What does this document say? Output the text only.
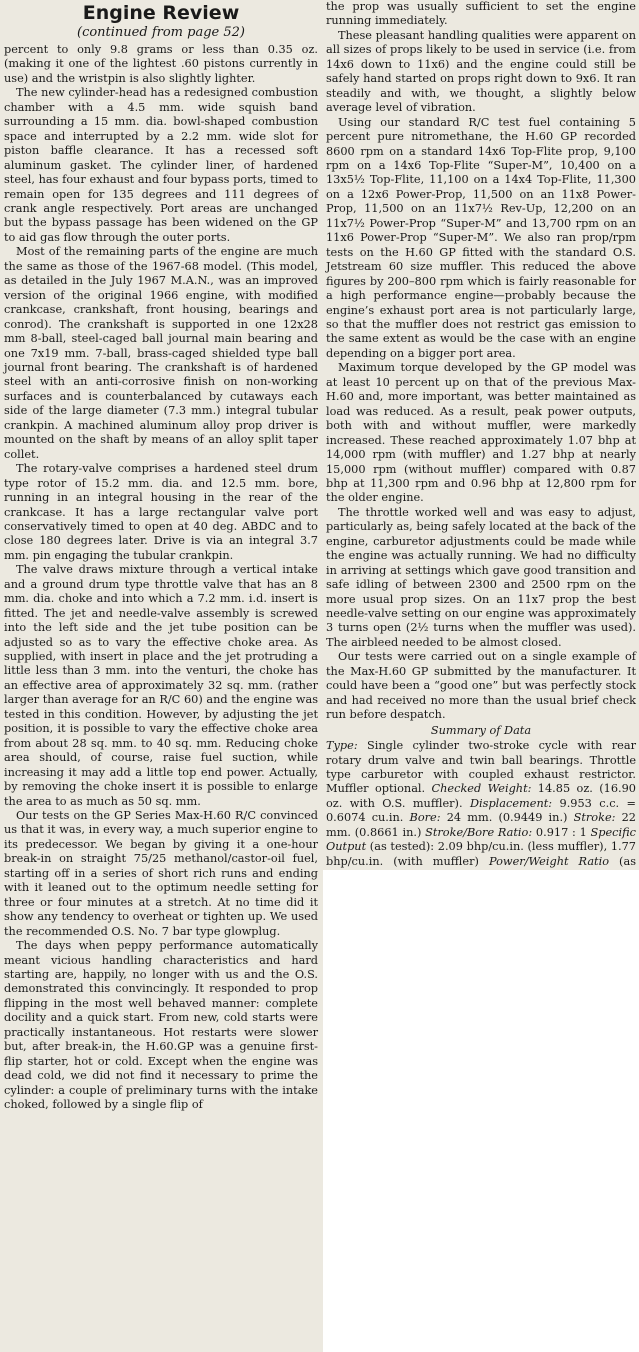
Engine Review
(continued from page 52)

percent to only 9.8 grams or less than 0.35 oz. (making it one of the lightest .60 pistons currently in use) and the wristpin is also slightly lighter.

The new cylinder-head has a redesigned combustion chamber with a 4.5 mm. wide squish band surrounding a 15 mm. dia. bowl-shaped combustion space and interrupted by a 2.2 mm. wide slot for piston baffle clearance. It has a recessed soft aluminum gasket. The cylinder liner, of hardened steel, has four exhaust and four bypass ports, timed to remain open for 135 degrees and 111 degrees of crank angle respectively. Port areas are unchanged but the bypass passage has been widened on the GP to aid gas flow through the outer ports.

Most of the remaining parts of the engine are much the same as those of the 1967-68 model. (This model, as detailed in the July 1967 M.A.N., was an improved version of the original 1966 engine, with modified crankcase, crankshaft, front housing, bearings and conrod). The crankshaft is supported in one 12x28 mm 8-ball, steel-caged ball journal main bearing and one 7x19 mm. 7-ball, brass-caged shielded type ball journal front bearing. The crankshaft is of hardened steel with an anti-corrosive finish on non-working surfaces and is counterbalanced by cutaways each side of the large diameter (7.3 mm.) integral tubular crankpin. A machined aluminum alloy prop driver is mounted on the shaft by means of an alloy split taper collet.

The rotary-valve comprises a hardened steel drum type rotor of 15.2 mm. dia. and 12.5 mm. bore, running in an integral housing in the rear of the crankcase. It has a large rectangular valve port conservatively timed to open at 40 deg. ABDC and to close 180 degrees later. Drive is via an integral 3.7 mm. pin engaging the tubular crankpin.

The valve draws mixture through a vertical intake and a ground drum type throttle valve that has an 8 mm. dia. choke and into which a 7.2 mm. i.d. insert is fitted. The jet and needle-valve assembly is screwed into the left side and the jet tube position can be adjusted so as to vary the effective choke area. As supplied, with insert in place and the jet protruding a little less than 3 mm. into the venturi, the choke has an effective area of approximately 32 sq. mm. (rather larger than average for an R/C 60) and the engine was tested in this condition. However, by adjusting the jet position, it is possible to vary the effective choke area from about 28 sq. mm. to 40 sq. mm. Reducing choke area should, of course, raise fuel suction, while increasing it may add a little top end power. Actually, by removing the choke insert it is possible to enlarge the area to as much as 50 sq. mm.

Our tests on the GP Series Max-H.60 R/C convinced us that it was, in every way, a much superior engine to its predecessor. We began by giving it a one-hour break-in on straight 75/25 methanol/castor-oil fuel, starting off in a series of short rich runs and ending with it leaned out to the optimum needle setting for three or four minutes at a stretch. At no time did it show any tendency to overheat or tighten up. We used the recommended O.S. No. 7 bar type glowplug.

The days when peppy performance automatically meant vicious handling characteristics and hard starting are, happily, no longer with us and the O.S. demonstrated this convincingly. It responded to prop flipping in the most well behaved manner: complete docility and a quick start. From new, cold starts were practically instantaneous. Hot restarts were slower but, after break-in, the H.60.GP was a genuine first-flip starter, hot or cold. Except when the engine was dead cold, we did not find it necessary to prime the cylinder: a couple of preliminary turns with the intake choked, followed by a single flip of

the prop was usually sufficient to set the engine running immediately.

These pleasant handling qualities were apparent on all sizes of props likely to be used in service (i.e. from 14x6 down to 11x6) and the engine could still be safely hand started on props right down to 9x6. It ran steadily and with, we thought, a slightly below average level of vibration.

Using our standard R/C test fuel containing 5 percent pure nitromethane, the H.60 GP recorded 8600 rpm on a standard 14x6 Top-Flite prop, 9,100 rpm on a 14x6 Top-Flite “Super-M”, 10,400 on a 13x5½ Top-Flite, 11,100 on a 14x4 Top-Flite, 11,300 on a 12x6 Power-Prop, 11,500 on an 11x8 Power-Prop, 11,500 on an 11x7½ Rev-Up, 12,200 on an 11x7½ Power-Prop “Super-M” and 13,700 rpm on an 11x6 Power-Prop “Super-M”. We also ran prop/rpm tests on the H.60 GP fitted with the standard O.S. Jetstream 60 size muffler. This reduced the above figures by 200–800 rpm which is fairly reasonable for a high performance engine—probably because the engine’s exhaust port area is not particularly large, so that the muffler does not restrict gas emission to the same extent as would be the case with an engine depending on a bigger port area.

Maximum torque developed by the GP model was at least 10 percent up on that of the previous Max-H.60 and, more important, was better maintained as load was reduced. As a result, peak power outputs, both with and without muffler, were markedly increased. These reached approximately 1.07 bhp at 14,000 rpm (with muffler) and 1.27 bhp at nearly 15,000 rpm (without muffler) compared with 0.87 bhp at 11,300 rpm and 0.96 bhp at 12,800 rpm for the older engine.

The throttle worked well and was easy to adjust, particularly as, being safely located at the back of the engine, carburetor adjustments could be made while the engine was actually running. We had no difficulty in arriving at settings which gave good transition and safe idling of between 2300 and 2500 rpm on the more usual prop sizes. On an 11x7 prop the best needle-valve setting on our engine was approximately 3 turns open (2½ turns when the muffler was used). The airbleed needed to be almost closed.

Our tests were carried out on a single example of the Max-H.60 GP submitted by the manufacturer. It could have been a “good one” but was perfectly stock and had received no more than the usual brief check run before despatch.

Summary of Data

Type: Single cylinder two-stroke cycle with rear rotary drum valve and twin ball bearings. Throttle type carburetor with coupled exhaust restrictor. Muffler optional. Checked Weight: 14.85 oz. (16.90 oz. with O.S. muffler). Displacement: 9.953 c.c. = 0.6074 cu.in. Bore: 24 mm. (0.9449 in.) Stroke: 22 mm. (0.8661 in.) Stroke/Bore Ratio: 0.917 : 1 Specific Output (as tested): 2.09 bhp/cu.in. (less muffler), 1.77 bhp/cu.in. (with muffler) Power/Weight Ratio (as
